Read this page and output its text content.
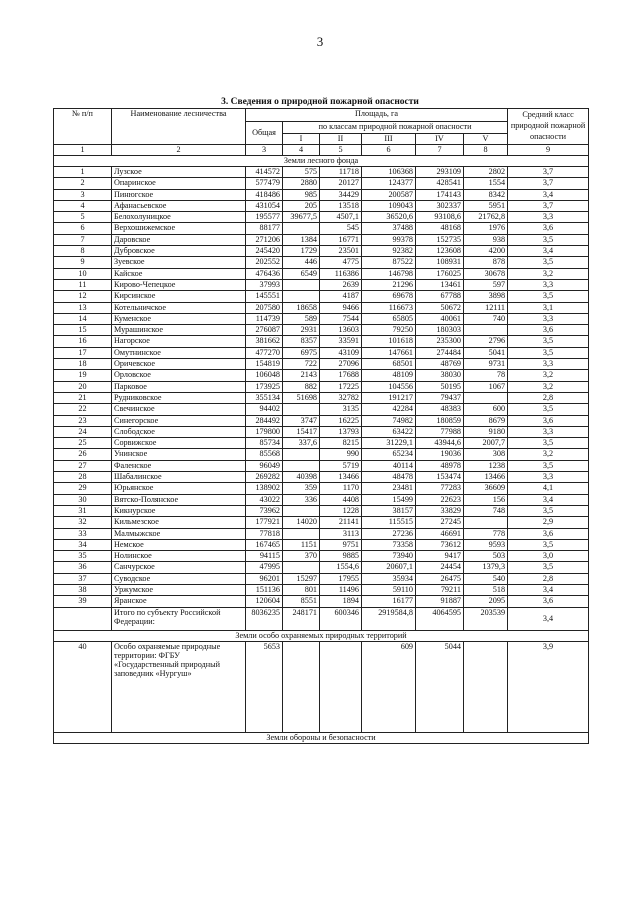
3
3. Сведения о природной пожарной опасности
№ п/п	Наименование лесничества	Площадь, га						Средний класс природной пожарной опасности
		Общая	по классам природной пожарной опасности					
			I	II	III	IV	V	
1	2	3	4	5	6	7	8	9
Земли лесного фонда								
1	Лузское	414572	575	11718	106368	293109	2802	3,7
2	Опаринское	577479	2880	20127	124377	428541	1554	3,7
3	Пинюгское	418486	985	34429	200587	174143	8342	3,4
4	Афанасьевское	431054	205	13518	109043	302337	5951	3,7
5	Белохолуницкое	195577	39677,5	4507,1	36520,6	93108,6	21762,8	3,3
6	Верхошижемское	88177		545	37488	48168	1976	3,6
7	Даровское	271206	1384	16771	99378	152735	938	3,5
8	Дубровское	245420	1729	23501	92382	123608	4200	3,4
9	Зуевское	202552	446	4775	87522	108931	878	3,5
10	Кайское	476436	6549	116386	146798	176025	30678	3,2
11	Кирово-Чепецкое	37993		2639	21296	13461	597	3,3
12	Кирсинское	145551		4187	69678	67788	3898	3,5
13	Котельничское	207580	18658	9466	116673	50672	12111	3,1
14	Куменское	114739	589	7544	65805	40061	740	3,3
15	Мурашинское	276087	2931	13603	79250	180303		3,6
16	Нагорское	381662	8357	33591	101618	235300	2796	3,5
17	Омутнинское	477270	6975	43109	147661	274484	5041	3,5
18	Оричевское	154819	722	27096	68501	48769	9731	3,3
19	Орловское	106048	2143	17688	48109	38030	78	3,2
20	Парковое	173925	882	17225	104556	50195	1067	3,2
21	Рудниковское	355134	51698	32782	191217	79437		2,8
22	Свечинское	94402		3135	42284	48383	600	3,5
23	Синегорское	284492	3747	16225	74982	180859	8679	3,6
24	Слободское	179800	15417	13793	63422	77988	9180	3,3
25	Сорвижское	85734	337,6	8215	31229,1	43944,6	2007,7	3,5
26	Унинское	85568		990	65234	19036	308	3,2
27	Фаленское	96049		5719	40114	48978	1238	3,5
28	Шабалинское	269282	40398	13466	48478	153474	13466	3,3
29	Юрьянское	138902	359	1170	23481	77283	36609	4,1
30	Вятско-Полянское	43022	336	4408	15499	22623	156	3,4
31	Кикнурское	73962		1228	38157	33829	748	3,5
32	Кильмезское	177921	14020	21141	115515	27245		2,9
33	Малмыжское	77818		3113	27236	46691	778	3,6
34	Немское	167465	1151	9751	73358	73612	9593	3,5
35	Нолинское	94115	370	9885	73940	9417	503	3,0
36	Санчурское	47995		1554,6	20607,1	24454	1379,3	3,5
37	Суводское	96201	15297	17955	35934	26475	540	2,8
38	Уржумское	151136	801	11496	59110	79211	518	3,4
39	Яранское	120604	8551	1894	16177	91887	2095	3,6
	Итого по субъекту Российской Федерации:	8036235	248171	600346	2919584,8	4064595	203539	3,4
Земли особо охраняемых природных территорий								
40	Особо охраняемые природные территории: ФГБУ «Государственный природный заповедник «Нургуш»	5653			609	5044		3,9
Земли обороны и безопасности								
